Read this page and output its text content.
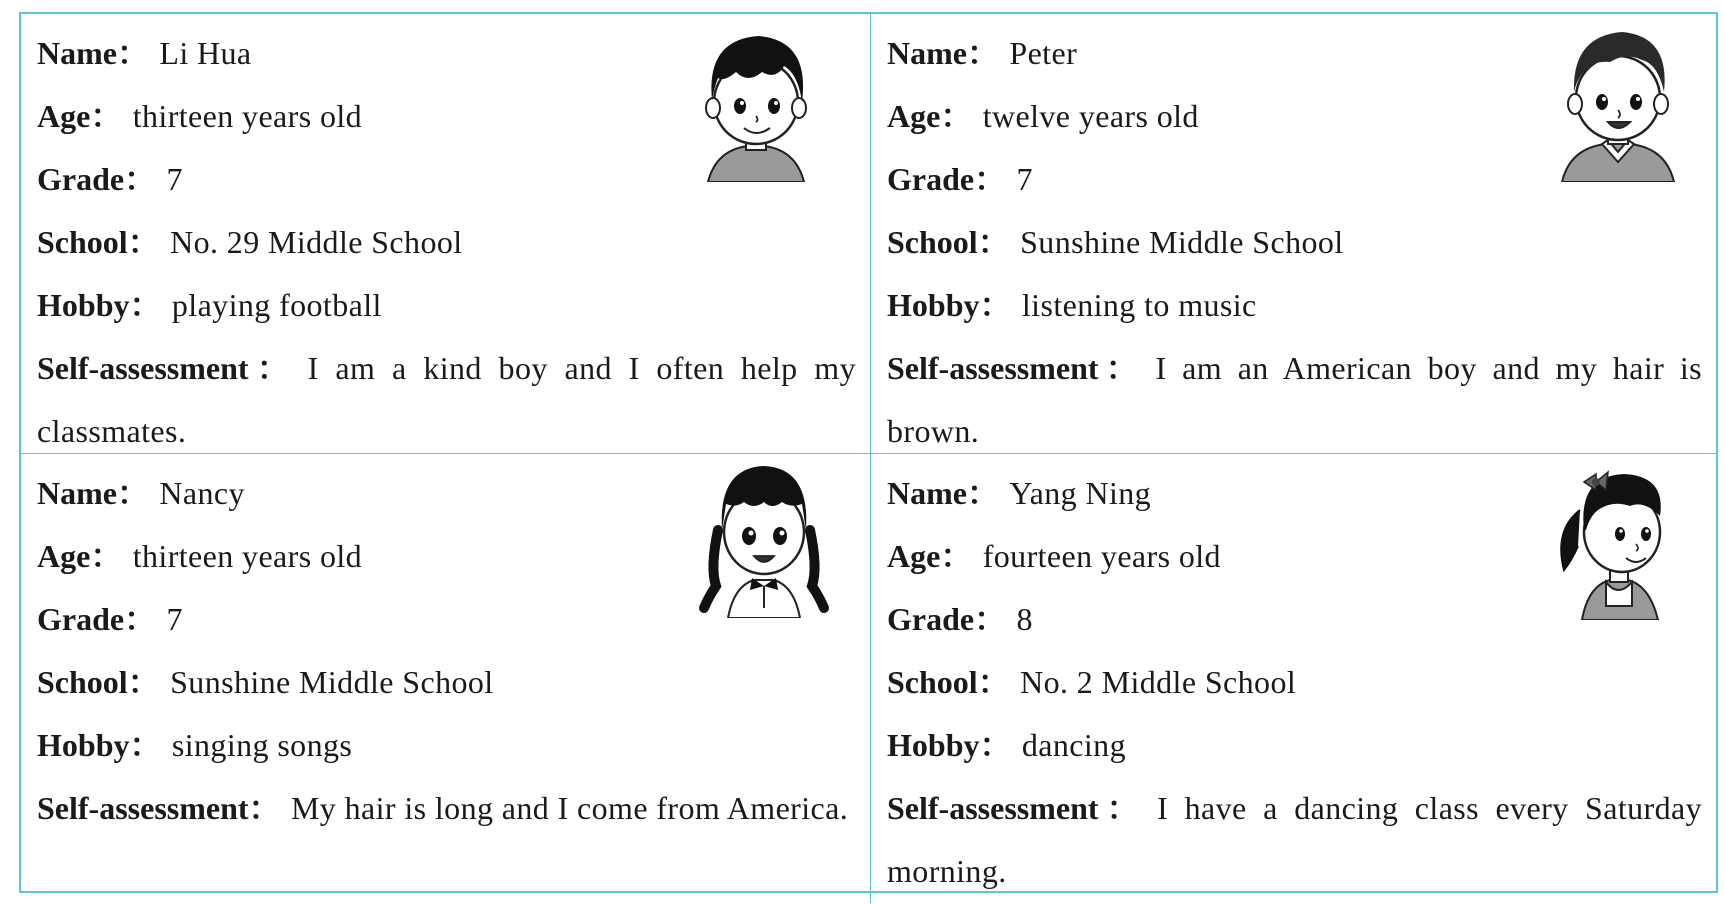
Name： Li Hua
Age： thirteen years old
Grade： 7
School： No. 29 Middle School
Hobby： playing football
Self-assessment： I am a kind boy and I often help my classmates.
Name： Peter
Age： twelve years old
Grade： 7
School： Sunshine Middle School
Hobby： listening to music
Self-assessment： I am an American boy and my hair is brown.
Name： Nancy
Age： thirteen years old
Grade： 7
School： Sunshine Middle School
Hobby： singing songs
Self-assessment： My hair is long and I come from America.
Name： Yang Ning
Age： fourteen years old
Grade： 8
School： No. 2 Middle School
Hobby： dancing
Self-assessment： I have a dancing class every Saturday morning.
